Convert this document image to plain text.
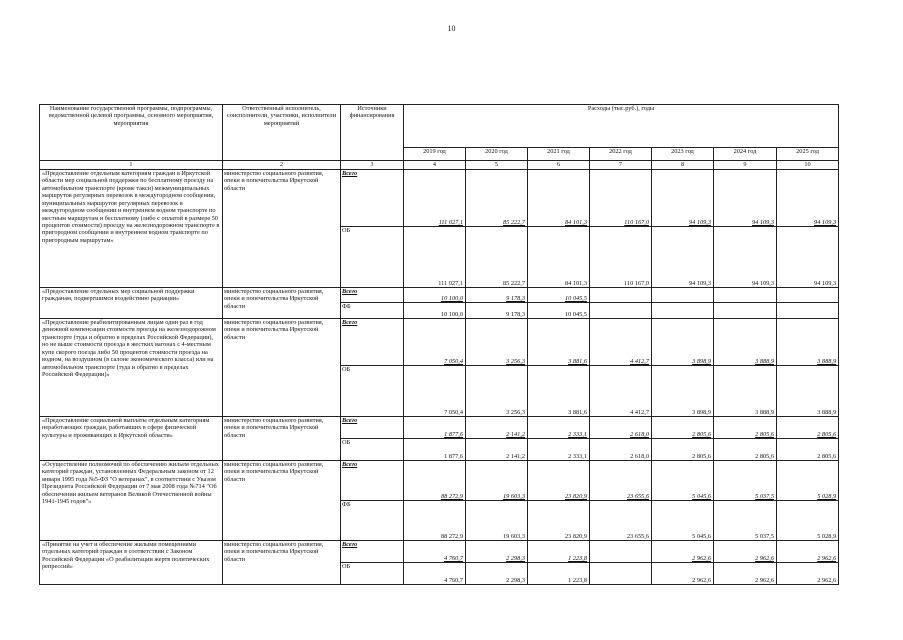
10
Наименование государственной программы, подпрограммы, ведомственной целевой программы, основного мероприятия, мероприятия	Ответственный исполнитель, соисполнители, участники, исполнители мероприятий	Источники финансирования	Расходы (тыс.руб.), годы						
			2019 год	2020 год	2021 год	2022 год	2023 год	2024 год	2025 год
1	2	3	4	5	6	7	8	9	10
«Предоставление отдельным категориям граждан в Иркутской области мер социальной поддержки по бесплатному проезду на автомобильном транспорте (кроме такси) межмуниципальных маршрутов регулярных перевозок в междугородном сообщении, муниципальных маршрутов регулярных перевозок в междугородном сообщении и внутреннем водном транспорте по местным маршрутам и бесплатному (либо с оплатой в размере 50 процентов стоимости) проезду на железнодорожном транспорте в пригородном сообщении и внутреннем водном транспорте по пригородным маршрутам»	министерство социального развития, опеки и попечительства Иркутской области	Всего	111 027,1	85 222,7	84 101,3	110 167,0	94 109,3	94 109,3	94 109,3
		ОБ	111 027,1	85 222,7	84 101,3	110 167,0	94 109,3	94 109,3	94 109,3
«Предоставление отдельных мер социальной поддержки гражданам, подвергшимся воздействию радиации»	министерство социального развития, опеки и попечительства Иркутской области	Всего	10 100,0	9 178,3	10 045,5				
		ФБ	10 100,0	9 178,3	10 045,5				
«Предоставление реабилитированным лицам один раз в год денежной компенсации стоимости проезда на железнодорожном транспорте (туда и обратно в пределах Российской Федерации), но не выше стоимости проезда в жестких вагонах с 4-местным купе скорого поезда либо 50 процентов стоимости проезда на водном, на воздушном (в салоне экономического класса) или на автомобильном транспорте (туда и обратно в пределах Российской Федерации)»	министерство социального развития, опеки и попечительства Иркутской области	Всего	7 050,4	3 256,3	3 881,6	4 412,7	3 898,9	3 888,9	3 888,9
		ОБ	7 050,4	3 256,3	3 881,6	4 412,7	3 898,9	3 888,9	3 888,9
«Предоставление социальной выплаты отдельным категориям неработающих граждан, работавших в сфере физической культуры и проживающих в Иркутской области»	министерство социального развития, опеки и попечительства Иркутской области	Всего	1 877,6	2 141,2	2 333,1	2 618,0	2 805,6	2 805,6	2 805,6
		ОБ	1 877,6	2 141,2	2 333,1	2 618,0	2 805,6	2 805,6	2 805,6
«Осуществление полномочий по обеспечению жильем отдельных категорий граждан, установленных Федеральным законом от 12 января 1995 года №5-ФЗ "О ветеранах", в соответствии с Указом Президента Российской Федерации от 7 мая 2008 года №714 "Об обеспечении жильем ветеранов Великой Отечественной войны 1941-1945 годов"»	министерство социального развития, опеки и попечительства Иркутской области	Всего	88 272,9	19 603,3	23 820,9	23 655,6	5 045,6	5 037,5	5 028,9
		ФБ	88 272,9	19 603,3	23 820,9	23 655,6	5 045,6	5 037,5	5 028,9
«Принятие на учет и обеспечение жилыми помещениями отдельных категорий граждан в соответствии с Законом Российской Федерации «О реабилитации жертв политических репрессий»	министерство социального развития, опеки и попечительства Иркутской области	Всего	4 760,7	2 298,3	1 223,8		2 962,6	2 962,6	2 962,6
		ОБ	4 760,7	2 298,3	1 223,8		2 962,6	2 962,6	2 962,6
